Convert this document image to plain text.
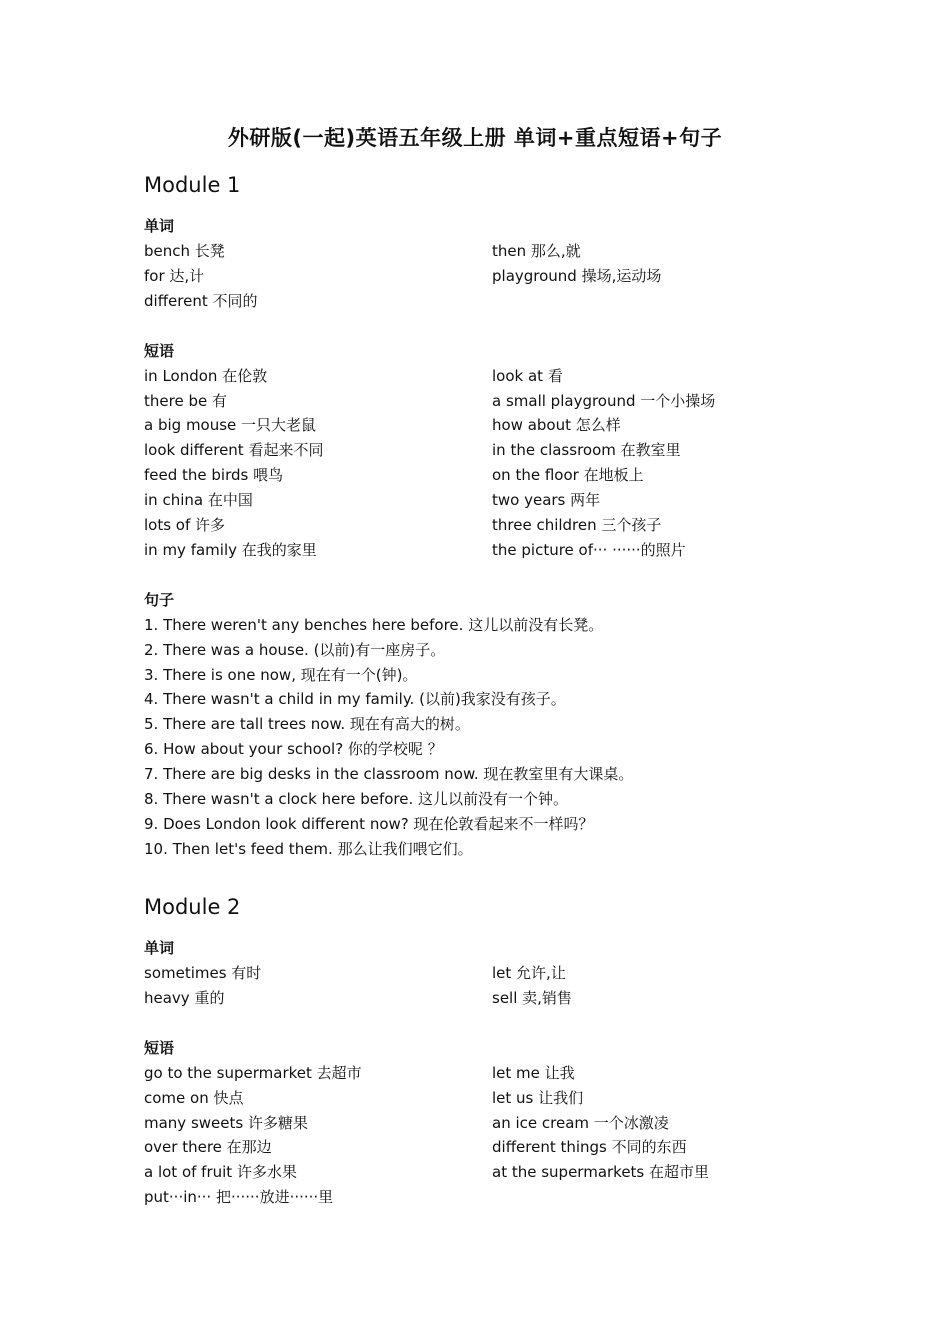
外研版(一起)英语五年级上册 单词+重点短语+句子
Module 1
单词
bench 长凳
for 达,计
different 不同的
then 那么,就
playground 操场,运动场
短语
in London 在伦敦
there be 有
a big mouse 一只大老鼠
look different 看起来不同
feed the birds 喂鸟
in china 在中国
lots of 许多
in my family 在我的家里
look at 看
a small playground 一个小操场
how about 怎么样
in the classroom 在教室里
on the floor 在地板上
two years 两年
three children 三个孩子
the picture of··· ······的照片
句子
1. There weren't any benches here before. 这儿以前没有长凳。
2. There was a house. (以前)有一座房子。
3. There is one now, 现在有一个(钟)。
4. There wasn't a child in my family. (以前)我家没有孩子。
5. There are tall trees now. 现在有高大的树。
6. How about your school? 你的学校呢 ？
7. There are big desks in the classroom now. 现在教室里有大课桌。
8. There wasn't a clock here before. 这儿以前没有一个钟。
9. Does London look different now? 现在伦敦看起来不一样吗？
10. Then let's feed them. 那么让我们喂它们。
Module 2
单词
sometimes 有时
heavy 重的
let 允许,让
sell 卖,销售
短语
go to the supermarket 去超市
come on 快点
many sweets 许多糖果
over there 在那边
a lot of fruit 许多水果
put···in··· 把······放进······里
let me 让我
let us 让我们
an ice cream 一个冰激凌
different things 不同的东西
at the supermarkets 在超市里
